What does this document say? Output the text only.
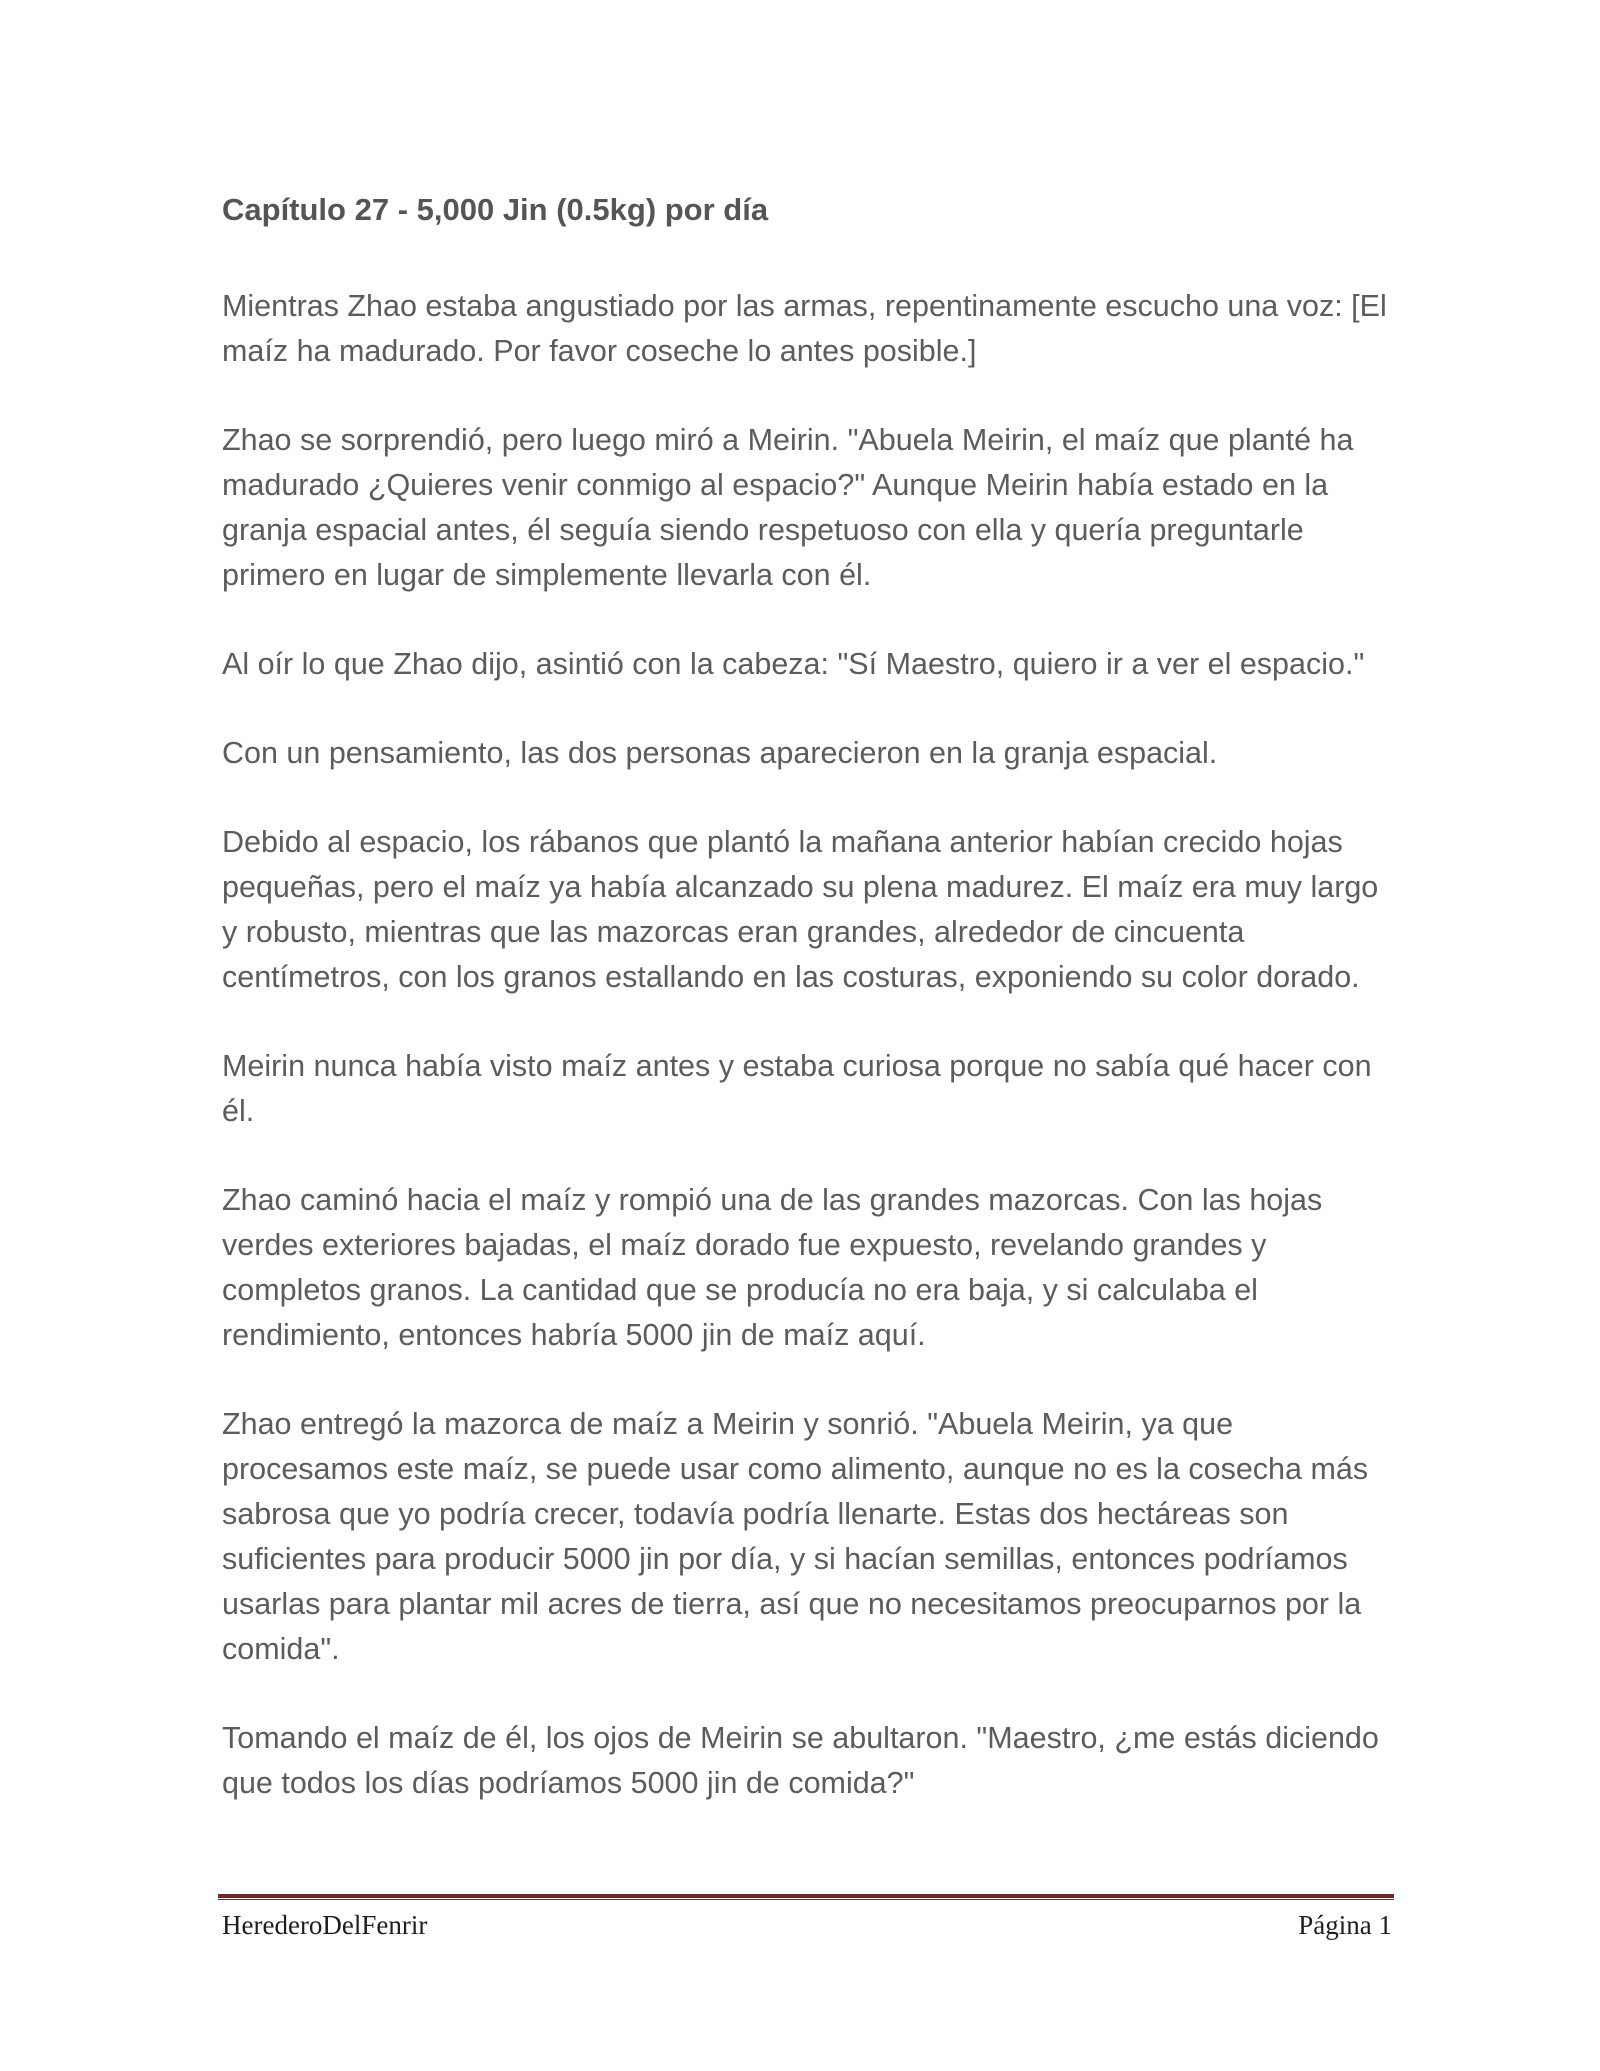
Capítulo 27 - 5,000 Jin (0.5kg) por día

Mientras Zhao estaba angustiado por las armas, repentinamente escucho una voz: [El maíz ha madurado. Por favor coseche lo antes posible.]

Zhao se sorprendió, pero luego miró a Meirin. "Abuela Meirin, el maíz que planté ha madurado ¿Quieres venir conmigo al espacio?" Aunque Meirin había estado en la granja espacial antes, él seguía siendo respetuoso con ella y quería preguntarle primero en lugar de simplemente llevarla con él.

Al oír lo que Zhao dijo, asintió con la cabeza: "Sí Maestro, quiero ir a ver el espacio."

Con un pensamiento, las dos personas aparecieron en la granja espacial.

Debido al espacio, los rábanos que plantó la mañana anterior habían crecido hojas pequeñas, pero el maíz ya había alcanzado su plena madurez. El maíz era muy largo y robusto, mientras que las mazorcas eran grandes, alrededor de cincuenta centímetros, con los granos estallando en las costuras, exponiendo su color dorado.

Meirin nunca había visto maíz antes y estaba curiosa porque no sabía qué hacer con él.

Zhao caminó hacia el maíz y rompió una de las grandes mazorcas. Con las hojas verdes exteriores bajadas, el maíz dorado fue expuesto, revelando grandes y completos granos. La cantidad que se producía no era baja, y si calculaba el rendimiento, entonces habría 5000 jin de maíz aquí.

Zhao entregó la mazorca de maíz a Meirin y sonrió. "Abuela Meirin, ya que procesamos este maíz, se puede usar como alimento, aunque no es la cosecha más sabrosa que yo podría crecer, todavía podría llenarte. Estas dos hectáreas son suficientes para producir 5000 jin por día, y si hacían semillas, entonces podríamos usarlas para plantar mil acres de tierra, así que no necesitamos preocuparnos por la comida".

Tomando el maíz de él, los ojos de Meirin se abultaron. "Maestro, ¿me estás diciendo que todos los días podríamos 5000 jin de comida?"

HerederoDelFenrir	Página 1
